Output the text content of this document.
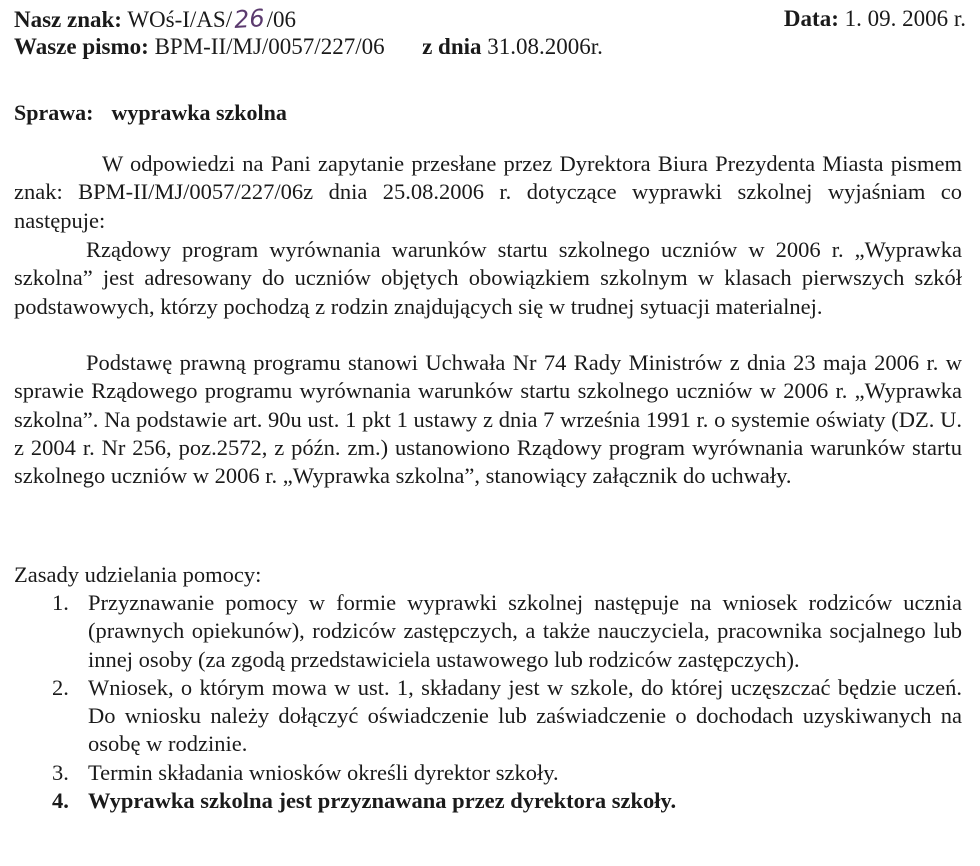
Nasz znak: WOś-I/AS/26/06	Data: 1. 09. 2006 r.
Wasze pismo: BPM-II/MJ/0057/227/06 z dnia 31.08.2006r.
Sprawa: wyprawka szkolna
W odpowiedzi na Pani zapytanie przesłane przez Dyrektora Biura Prezydenta Miasta pismem znak: BPM-II/MJ/0057/227/06z dnia 25.08.2006 r. dotyczące wyprawki szkolnej wyjaśniam co następuje:
Rządowy program wyrównania warunków startu szkolnego uczniów w 2006 r. „Wyprawka szkolna” jest adresowany do uczniów objętych obowiązkiem szkolnym w klasach pierwszych szkół podstawowych, którzy pochodzą z rodzin znajdujących się w trudnej sytuacji materialnej.
Podstawę prawną programu stanowi Uchwała Nr 74 Rady Ministrów z dnia 23 maja 2006 r. w sprawie Rządowego programu wyrównania warunków startu szkolnego uczniów w 2006 r. „Wyprawka szkolna”. Na podstawie art. 90u ust. 1 pkt 1 ustawy z dnia 7 września 1991 r. o systemie oświaty (DZ. U. z 2004 r. Nr 256, poz.2572, z późn. zm.) ustanowiono Rządowy program wyrównania warunków startu szkolnego uczniów w 2006 r. „Wyprawka szkolna”, stanowiący załącznik do uchwały.
Zasady udzielania pomocy:
1. Przyznawanie pomocy w formie wyprawki szkolnej następuje na wniosek rodziców ucznia (prawnych opiekunów), rodziców zastępczych, a także nauczyciela, pracownika socjalnego lub innej osoby (za zgodą przedstawiciela ustawowego lub rodziców zastępczych).
2. Wniosek, o którym mowa w ust. 1, składany jest w szkole, do której uczęszczać będzie uczeń. Do wniosku należy dołączyć oświadczenie lub zaświadczenie o dochodach uzyskiwanych na osobę w rodzinie.
3. Termin składania wniosków określi dyrektor szkoły.
4. Wyprawka szkolna jest przyznawana przez dyrektora szkoły.
